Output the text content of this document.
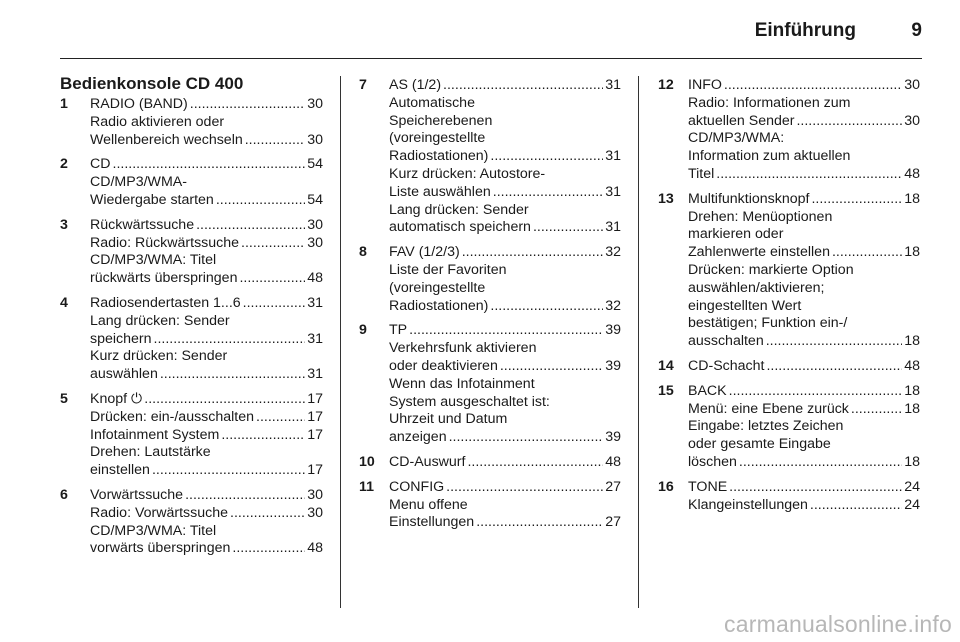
Einführung	9
Bedienkonsole CD 400
1 RADIO (BAND) .....	30
Radio aktivieren oder
Wellenbereich wechseln .....	30
2 CD .....	54
CD/MP3/WMA-
Wiedergabe starten .....	54
3 Rückwärtssuche .....	30
Radio: Rückwärtssuche .....	30
CD/MP3/WMA: Titel
rückwärts überspringen .....	48
4 Radiosendertasten 1...6 .....	31
Lang drücken: Sender
speichern .....	31
Kurz drücken: Sender
auswählen .....	31
5 Knopf ⏻ .....	17
Drücken: ein-/ausschalten .....	17
Infotainment System .....	17
Drehen: Lautstärke
einstellen .....	17
6 Vorwärtssuche .....	30
Radio: Vorwärtssuche .....	30
CD/MP3/WMA: Titel
vorwärts überspringen .....	48
7 AS (1/2) .....	31
Automatische
Speicherebenen
(voreingestellte
Radiostationen) .....	31
Kurz drücken: Autostore-
Liste auswählen .....	31
Lang drücken: Sender
automatisch speichern .....	31
8 FAV (1/2/3) .....	32
Liste der Favoriten
(voreingestellte
Radiostationen) .....	32
9 TP .....	39
Verkehrsfunk aktivieren
oder deaktivieren .....	39
Wenn das Infotainment
System ausgeschaltet ist:
Uhrzeit und Datum
anzeigen .....	39
10 CD-Auswurf .....	48
11 CONFIG .....	27
Menu offene
Einstellungen .....	27
12 INFO .....	30
Radio: Informationen zum
aktuellen Sender .....	30
CD/MP3/WMA:
Information zum aktuellen
Titel .....	48
13 Multifunktionsknopf .....	18
Drehen: Menüoptionen
markieren oder
Zahlenwerte einstellen .....	18
Drücken: markierte Option
auswählen/aktivieren;
eingestellten Wert
bestätigen; Funktion ein-/
ausschalten .....	18
14 CD-Schacht .....	48
15 BACK .....	18
Menü: eine Ebene zurück .....	18
Eingabe: letztes Zeichen
oder gesamte Eingabe
löschen .....	18
16 TONE .....	24
Klangeinstellungen .....	24
carmanualsonline.info
